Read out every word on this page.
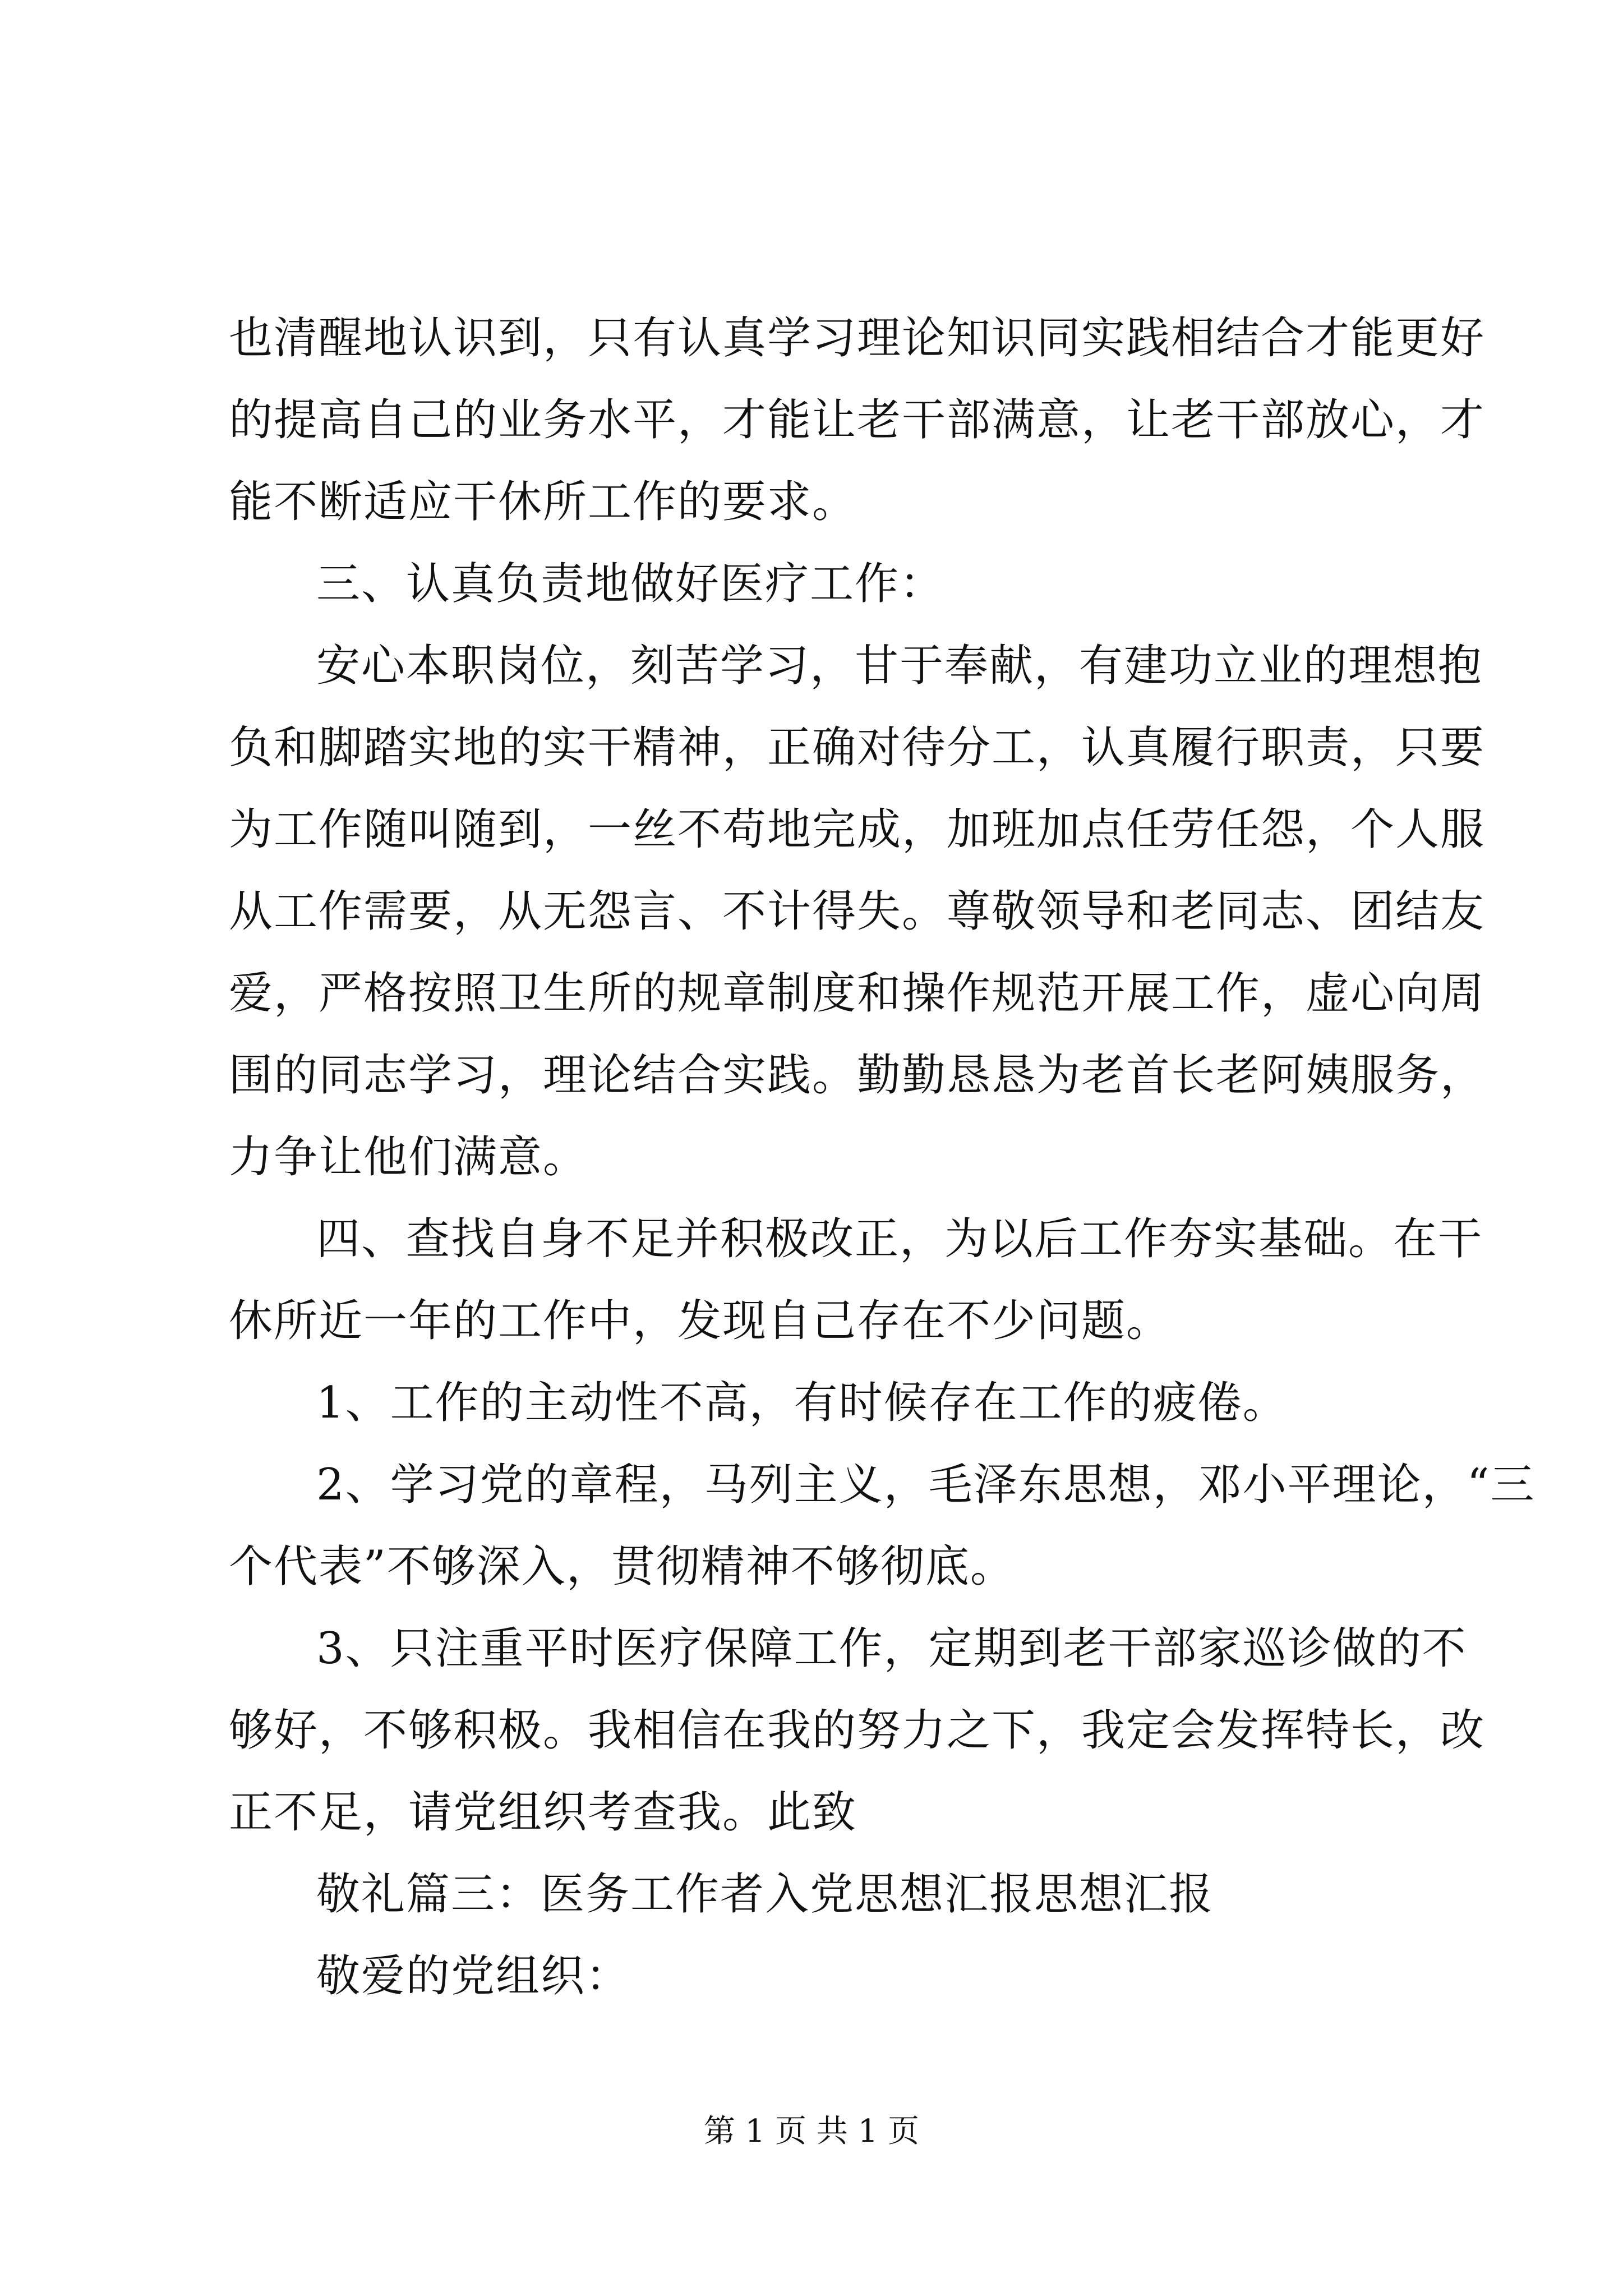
也清醒地认识到，只有认真学习理论知识同实践相结合才能更好
的提高自己的业务水平，才能让老干部满意，让老干部放心，才
能不断适应干休所工作的要求。
三、认真负责地做好医疗工作：
安心本职岗位，刻苦学习，甘于奉献，有建功立业的理想抱
负和脚踏实地的实干精神，正确对待分工，认真履行职责，只要
为工作随叫随到，一丝不苟地完成，加班加点任劳任怨，个人服
从工作需要，从无怨言、不计得失。尊敬领导和老同志、团结友
爱，严格按照卫生所的规章制度和操作规范开展工作，虚心向周
围的同志学习，理论结合实践。勤勤恳恳为老首长老阿姨服务，
力争让他们满意。
四、查找自身不足并积极改正，为以后工作夯实基础。在干
休所近一年的工作中，发现自己存在不少问题。
1、工作的主动性不高，有时候存在工作的疲倦。
2、学习党的章程，马列主义，毛泽东思想，邓小平理论，“三
个代表”不够深入，贯彻精神不够彻底。
3、只注重平时医疗保障工作，定期到老干部家巡诊做的不
够好，不够积极。我相信在我的努力之下，我定会发挥特长，改
正不足，请党组织考查我。此致
敬礼篇三：医务工作者入党思想汇报思想汇报
敬爱的党组织：
第 1 页 共 1 页
